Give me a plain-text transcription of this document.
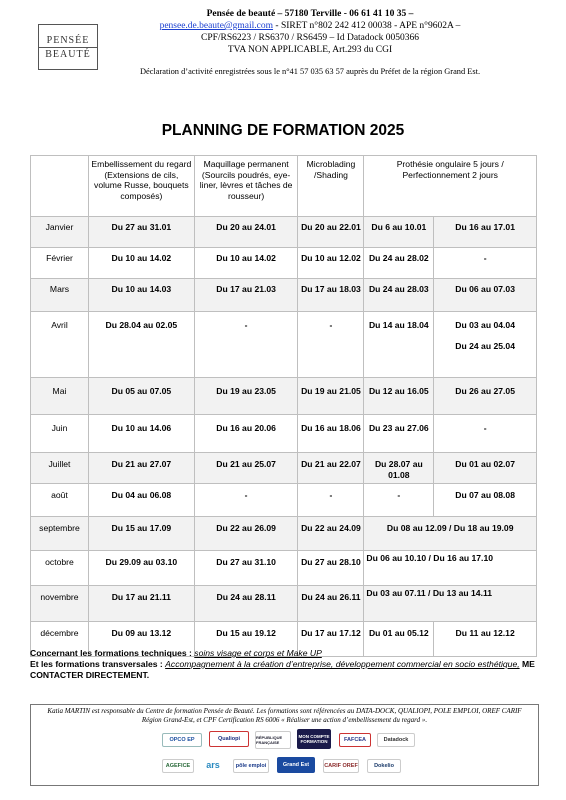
PENSÉE
BEAUTÉ
Pensée de beauté – 57180 Terville - 06 61 41 10 35 –
pensee.de.beaute@gmail.com - SIRET n°802 242 412 00038 - APE n°9602A –
CPF/RS6223 / RS6370 / RS6459 – Id Datadock 0050366
TVA NON APPLICABLE, Art.293 du CGI
Déclaration d’activité enregistrées sous le n°41 57 035 63 57 auprès du Préfet de la région Grand Est.
PLANNING DE FORMATION 2025
	Embellissement du regard (Extensions de cils, volume Russe, bouquets composés)	Maquillage permanent (Sourcils poudrés, eye-liner, lèvres et tâches de rousseur)	Microblading /Shading	Prothésie ongulaire 5 jours / Perfectionnement 2 jours	
Janvier	Du 27 au 31.01	Du 20 au 24.01	Du 20 au 22.01	Du 6 au 10.01	Du 16 au 17.01
Février	Du 10 au 14.02	Du 10 au 14.02	Du 10 au 12.02	Du 24 au 28.02	-
Mars	Du 10 au 14.03	Du 17 au 21.03	Du 17 au 18.03	Du 24 au 28.03	Du 06 au 07.03
Avril	Du 28.04 au 02.05	-	-	Du 14 au 18.04	Du 03 au 04.04
Du 24 au 25.04

Mai	Du 05 au 07.05	Du 19 au 23.05	Du 19 au 21.05	Du 12 au 16.05	Du 26 au 27.05
Juin	Du 10 au 14.06	Du 16 au 20.06	Du 16 au 18.06	Du 23 au 27.06	-
Juillet	Du 21 au 27.07	Du 21 au 25.07	Du 21 au 22.07	Du 28.07 au 01.08	Du 01 au 02.07
août	Du 04 au 06.08	-	-	-	Du 07 au 08.08
septembre	Du 15 au 17.09	Du 22 au 26.09	Du 22 au 24.09	Du 08 au 12.09 / Du 18 au 19.09	
octobre	Du 29.09 au 03.10	Du 27 au 31.10	Du 27 au 28.10	Du 06 au 10.10 / Du 16 au 17.10	
novembre	Du 17 au 21.11	Du 24 au 28.11	Du 24 au 26.11	Du 03 au 07.11 / Du 13 au 14.11	
décembre	Du 09 au 13.12	Du 15 au 19.12	Du 17 au 17.12	Du 01 au 05.12	Du 11 au 12.12
Concernant les formations techniques : soins visage et corps et Make UP
Et les formations transversales : Accompagnement à la création d’entreprise, développement commercial en socio esthétique, ME CONTACTER DIRECTEMENT.
Katia MARTIN est responsable du Centre de formation Pensée de Beauté. Les formations sont référencées au DATA-DOCK, QUALIOPI, POLE EMPLOI, OREF CARIF Région Grand-Est, et CPF Certification RS 6006 « Réaliser une action d’embellissement du regard ».
OPCO EP	Qualiopi	RÉPUBLIQUE FRANÇAISE
MON COMPTE FORMATION	FAFCEA	Datadock
AGEFICE	ars	pôle emploi	Grand Est	CARIF OREF	Dokelio
